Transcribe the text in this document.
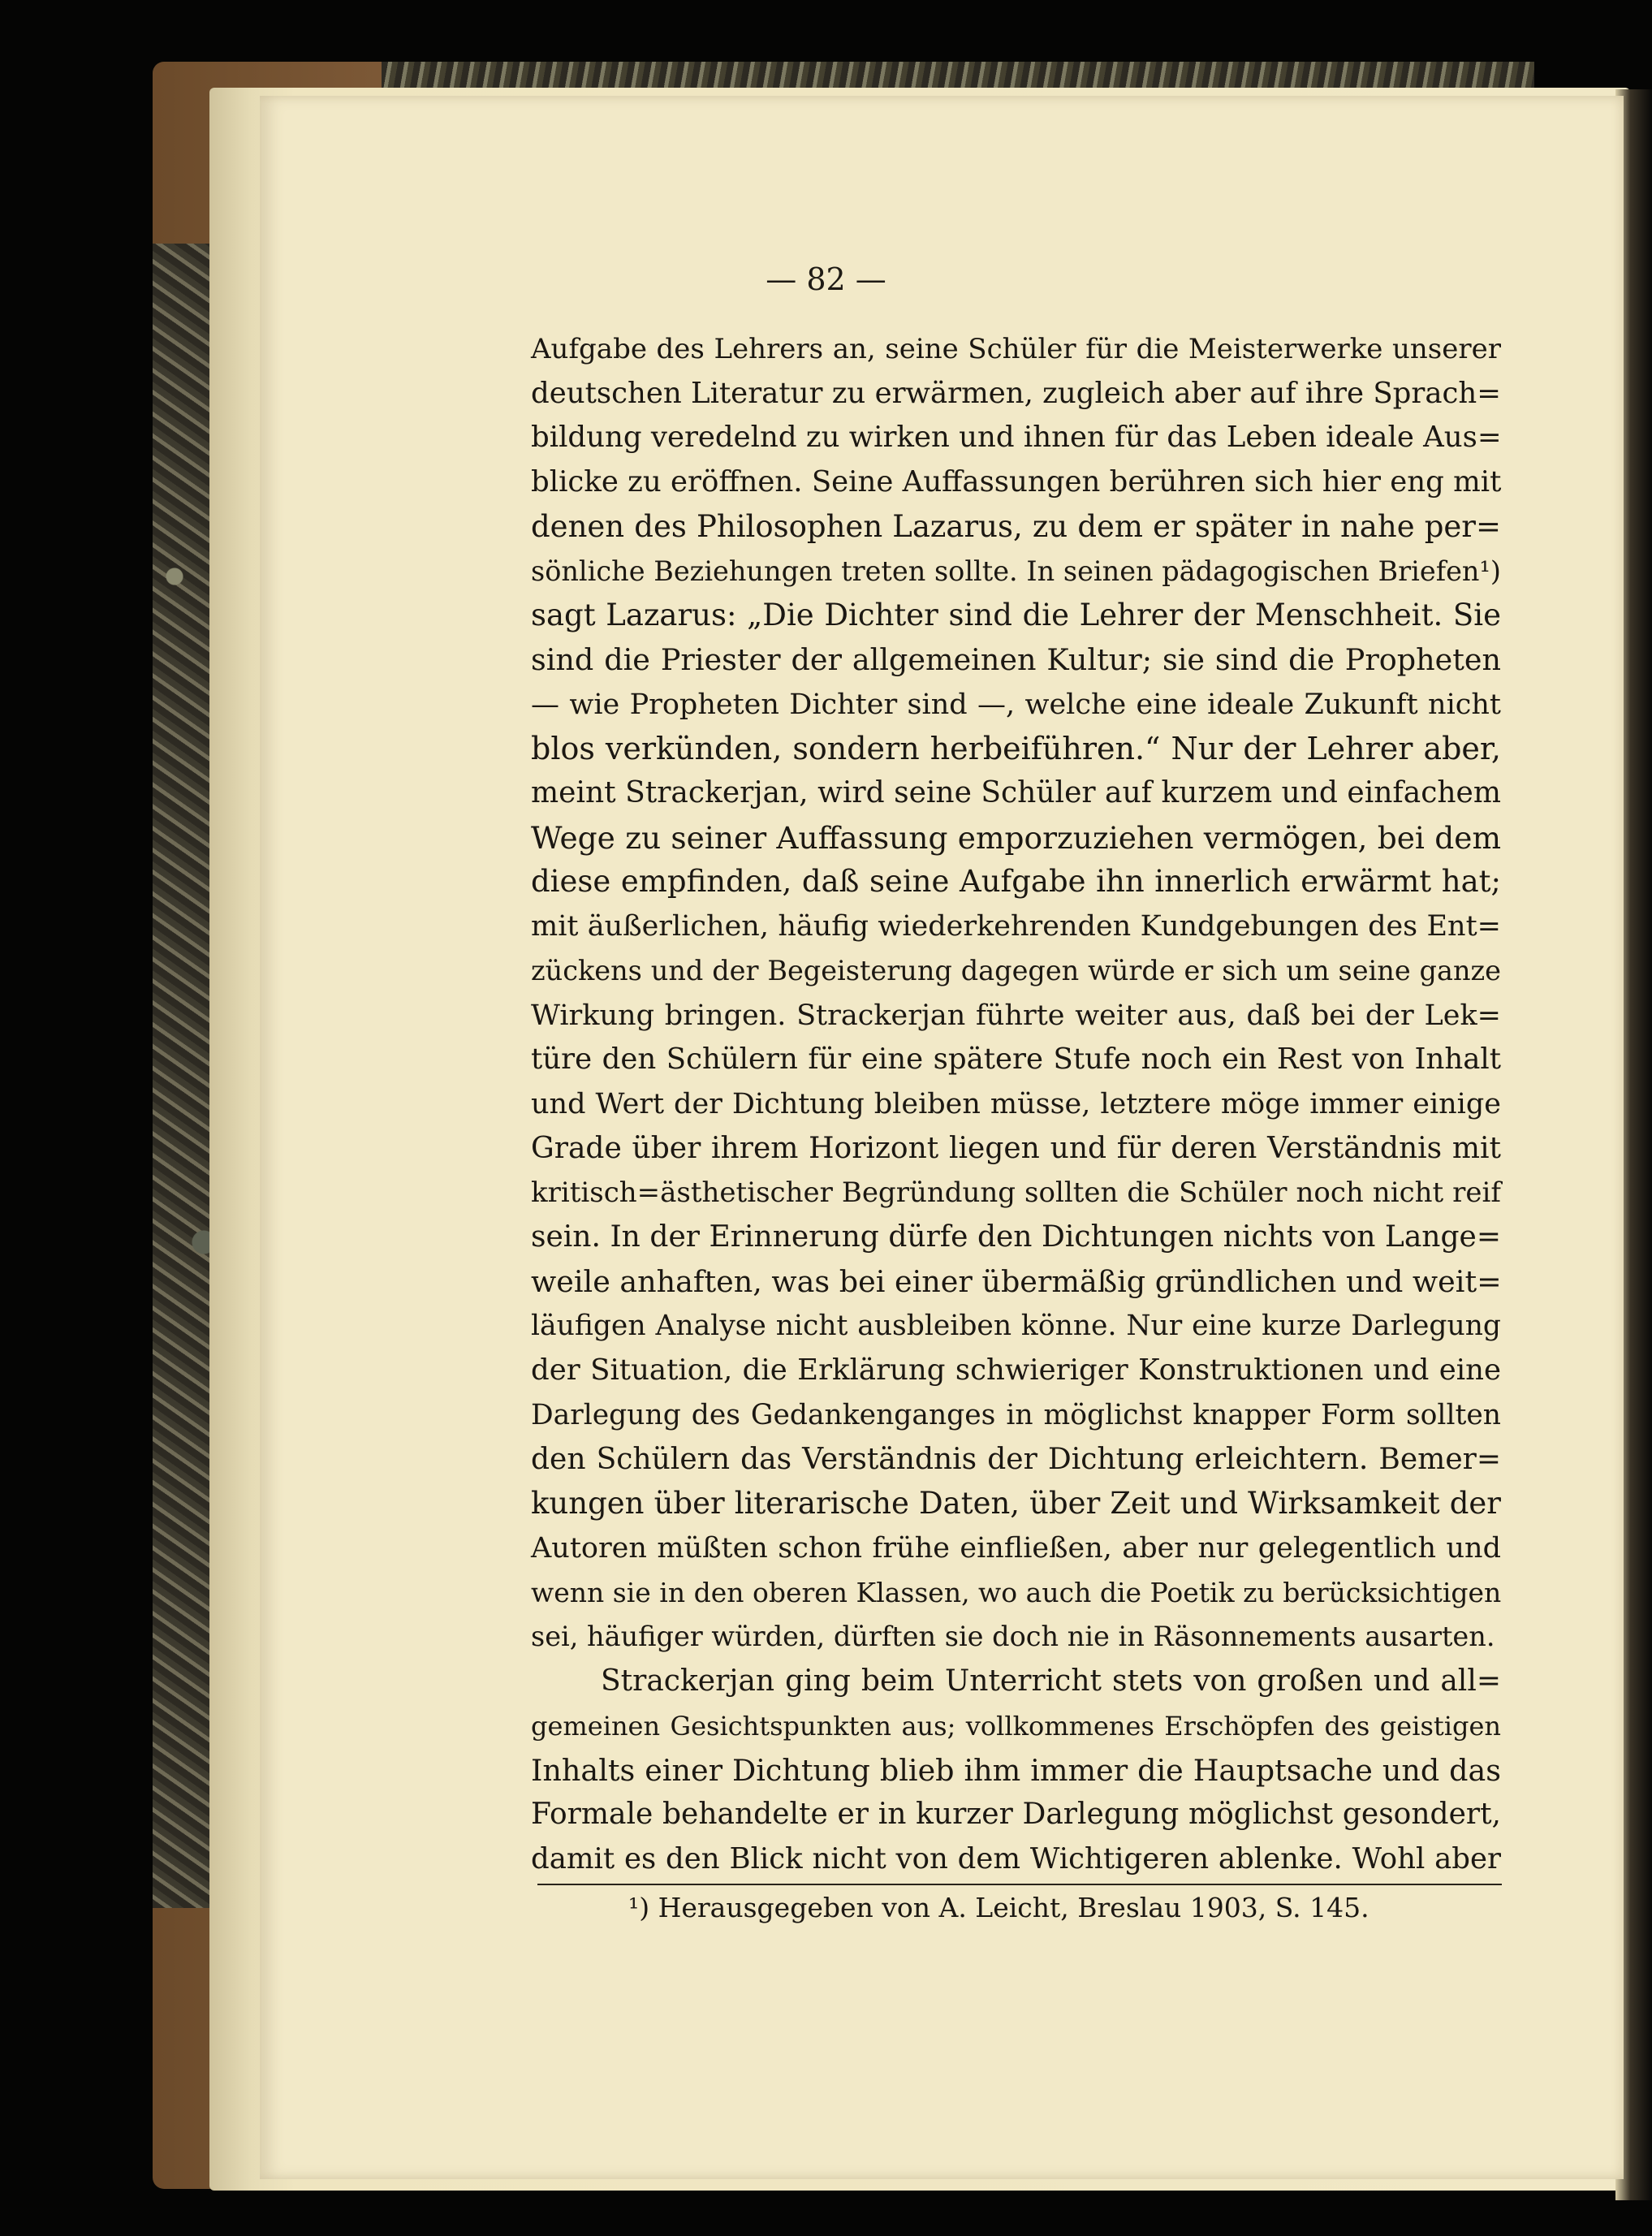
— 82 —
Aufgabe des Lehrers an, seine Schüler für die Meisterwerke unserer
deutschen Literatur zu erwärmen, zugleich aber auf ihre Sprach=
bildung veredelnd zu wirken und ihnen für das Leben ideale Aus=
blicke zu eröffnen. Seine Auffassungen berühren sich hier eng mit
denen des Philosophen Lazarus, zu dem er später in nahe per=
sönliche Beziehungen treten sollte. In seinen pädagogischen Briefen¹)
sagt Lazarus: „Die Dichter sind die Lehrer der Menschheit. Sie
sind die Priester der allgemeinen Kultur; sie sind die Propheten
— wie Propheten Dichter sind —, welche eine ideale Zukunft nicht
blos verkünden, sondern herbeiführen.“ Nur der Lehrer aber,
meint Strackerjan, wird seine Schüler auf kurzem und einfachem
Wege zu seiner Auffassung emporzuziehen vermögen, bei dem
diese empfinden, daß seine Aufgabe ihn innerlich erwärmt hat;
mit äußerlichen, häufig wiederkehrenden Kundgebungen des Ent=
zückens und der Begeisterung dagegen würde er sich um seine ganze
Wirkung bringen. Strackerjan führte weiter aus, daß bei der Lek=
türe den Schülern für eine spätere Stufe noch ein Rest von Inhalt
und Wert der Dichtung bleiben müsse, letztere möge immer einige
Grade über ihrem Horizont liegen und für deren Verständnis mit
kritisch=ästhetischer Begründung sollten die Schüler noch nicht reif
sein. In der Erinnerung dürfe den Dichtungen nichts von Lange=
weile anhaften, was bei einer übermäßig gründlichen und weit=
läufigen Analyse nicht ausbleiben könne. Nur eine kurze Darlegung
der Situation, die Erklärung schwieriger Konstruktionen und eine
Darlegung des Gedankenganges in möglichst knapper Form sollten
den Schülern das Verständnis der Dichtung erleichtern. Bemer=
kungen über literarische Daten, über Zeit und Wirksamkeit der
Autoren müßten schon frühe einfließen, aber nur gelegentlich und
wenn sie in den oberen Klassen, wo auch die Poetik zu berücksichtigen
sei, häufiger würden, dürften sie doch nie in Räsonnements ausarten.
Strackerjan ging beim Unterricht stets von großen und all=
gemeinen Gesichtspunkten aus; vollkommenes Erschöpfen des geistigen
Inhalts einer Dichtung blieb ihm immer die Hauptsache und das
Formale behandelte er in kurzer Darlegung möglichst gesondert,
damit es den Blick nicht von dem Wichtigeren ablenke. Wohl aber
¹) Herausgegeben von A. Leicht, Breslau 1903, S. 145.
